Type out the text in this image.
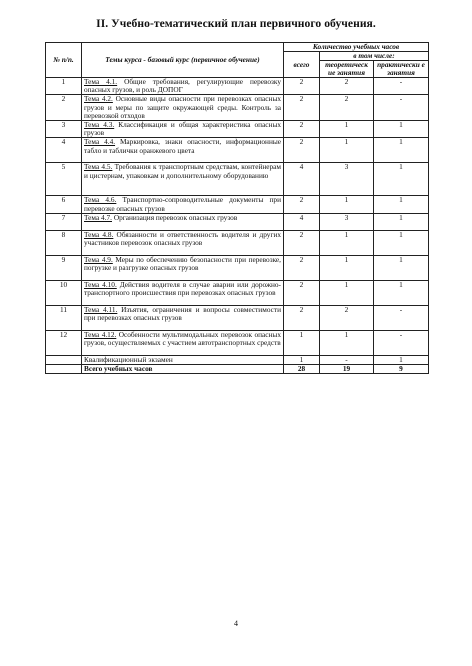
II. Учебно-тематический план первичного обучения.
№ п/п.	Темы курса - базовый курс (первичное обучение)	Количество учебных часов		
		всего	в том числе:	
			теоретическ ие занятия	практически е занятия
1	Тема 4.1. Общие требования, регулирующие перевозку опасных грузов, и роль ДОПОГ	2	2	-
2	Тема 4.2. Основные виды опасности при перевозках опасных грузов и меры по защите окружающей среды. Контроль за перевозкой отходов	2	2	-
3	Тема 4.3. Классификация и общая характеристика опасных грузов	2	1	1
4	Тема 4.4. Маркировка, знаки опасности, информационные табло и таблички оранжевого цвета	2	1	1
5	Тема 4.5. Требования к транспортным средствам, контейнерам и цистернам, упаковкам и дополнительному оборудованию	4	3	1
6	Тема 4.6. Транспортно-сопроводительные документы при перевозке опасных грузов	2	1	1
7	Тема 4.7. Организация перевозок опасных грузов	4	3	1
8	Тема 4.8. Обязанности и ответственность водителя и других участников перевозок опасных грузов	2	1	1
9	Тема 4.9. Меры по обеспечению безопасности при перевозке, погрузке и разгрузке опасных грузов	2	1	1
10	Тема 4.10. Действия водителя в случае аварии или дорожно-транспортного происшествия при перевозках опасных грузов	2	1	1
11	Тема 4.11. Изъятия, ограничения и вопросы совместимости при перевозках опасных грузов	2	2	-
12	Тема 4.12. Особенности мультимодальных перевозок опасных грузов, осуществляемых с участием автотранспортных средств	1	1	-
	Квалификационный экзамен	1	-	1
	Всего учебных часов	28	19	9
4
